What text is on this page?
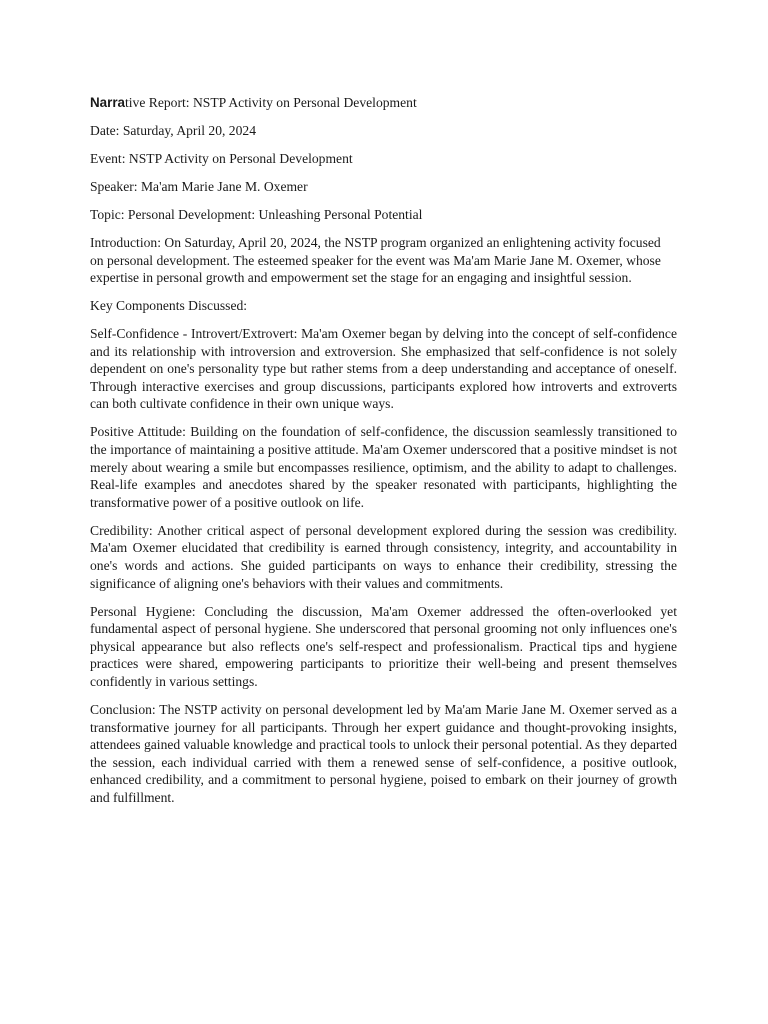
Narrative Report: NSTP Activity on Personal Development

Date: Saturday, April 20, 2024

Event: NSTP Activity on Personal Development

Speaker: Ma'am Marie Jane M. Oxemer

Topic: Personal Development: Unleashing Personal Potential

Introduction: On Saturday, April 20, 2024, the NSTP program organized an enlightening activity focused on personal development. The esteemed speaker for the event was Ma'am Marie Jane M. Oxemer, whose expertise in personal growth and empowerment set the stage for an engaging and insightful session.

Key Components Discussed:

Self-Confidence - Introvert/Extrovert: Ma'am Oxemer began by delving into the concept of self-confidence and its relationship with introversion and extroversion. She emphasized that self-confidence is not solely dependent on one's personality type but rather stems from a deep understanding and acceptance of oneself. Through interactive exercises and group discussions, participants explored how introverts and extroverts can both cultivate confidence in their own unique ways.

Positive Attitude: Building on the foundation of self-confidence, the discussion seamlessly transitioned to the importance of maintaining a positive attitude. Ma'am Oxemer underscored that a positive mindset is not merely about wearing a smile but encompasses resilience, optimism, and the ability to adapt to challenges. Real-life examples and anecdotes shared by the speaker resonated with participants, highlighting the transformative power of a positive outlook on life.

Credibility: Another critical aspect of personal development explored during the session was credibility. Ma'am Oxemer elucidated that credibility is earned through consistency, integrity, and accountability in one's words and actions. She guided participants on ways to enhance their credibility, stressing the significance of aligning one's behaviors with their values and commitments.

Personal Hygiene: Concluding the discussion, Ma'am Oxemer addressed the often-overlooked yet fundamental aspect of personal hygiene. She underscored that personal grooming not only influences one's physical appearance but also reflects one's self-respect and professionalism. Practical tips and hygiene practices were shared, empowering participants to prioritize their well-being and present themselves confidently in various settings.

Conclusion: The NSTP activity on personal development led by Ma'am Marie Jane M. Oxemer served as a transformative journey for all participants. Through her expert guidance and thought-provoking insights, attendees gained valuable knowledge and practical tools to unlock their personal potential. As they departed the session, each individual carried with them a renewed sense of self-confidence, a positive outlook, enhanced credibility, and a commitment to personal hygiene, poised to embark on their journey of growth and fulfillment.
